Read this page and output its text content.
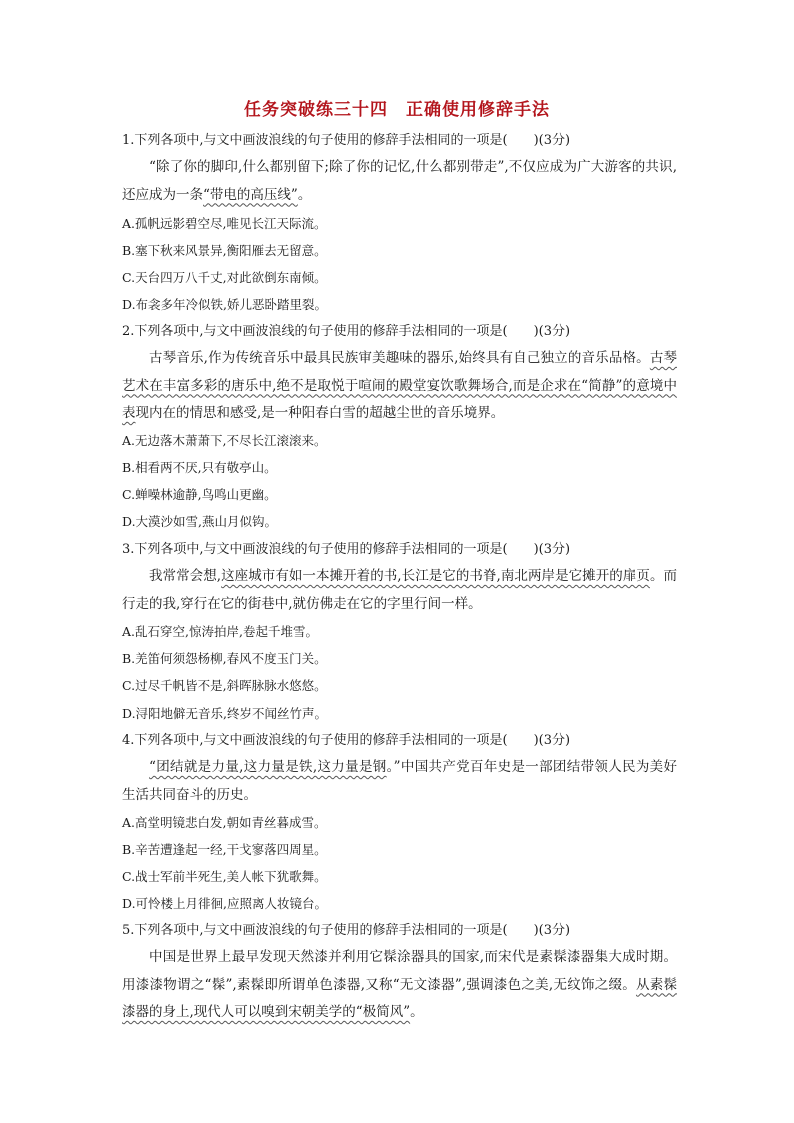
任务突破练三十四　正确使用修辞手法
1.下列各项中,与文中画波浪线的句子使用的修辞手法相同的一项是(　　)(3分)
“除了你的脚印,什么都别留下;除了你的记忆,什么都别带走”,不仅应成为广大游客的共识,还应成为一条“带电的高压线”。
A.孤帆远影碧空尽,唯见长江天际流。
B.塞下秋来风景异,衡阳雁去无留意。
C.天台四万八千丈,对此欲倒东南倾。
D.布衾多年冷似铁,娇儿恶卧踏里裂。
2.下列各项中,与文中画波浪线的句子使用的修辞手法相同的一项是(　　)(3分)
古琴音乐,作为传统音乐中最具民族审美趣味的器乐,始终具有自己独立的音乐品格。古琴艺术在丰富多彩的唐乐中,绝不是取悦于喧闹的殿堂宴饮歌舞场合,而是企求在“简静”的意境中表现内在的情思和感受,是一种阳春白雪的超越尘世的音乐境界。
A.无边落木萧萧下,不尽长江滚滚来。
B.相看两不厌,只有敬亭山。
C.蝉噪林逾静,鸟鸣山更幽。
D.大漠沙如雪,燕山月似钩。
3.下列各项中,与文中画波浪线的句子使用的修辞手法相同的一项是(　　)(3分)
我常常会想,这座城市有如一本摊开着的书,长江是它的书脊,南北两岸是它摊开的扉页。而行走的我,穿行在它的街巷中,就仿佛走在它的字里行间一样。
A.乱石穿空,惊涛拍岸,卷起千堆雪。
B.羌笛何须怨杨柳,春风不度玉门关。
C.过尽千帆皆不是,斜晖脉脉水悠悠。
D.浔阳地僻无音乐,终岁不闻丝竹声。
4.下列各项中,与文中画波浪线的句子使用的修辞手法相同的一项是(　　)(3分)
“团结就是力量,这力量是铁,这力量是钢。”中国共产党百年史是一部团结带领人民为美好生活共同奋斗的历史。
A.高堂明镜悲白发,朝如青丝暮成雪。
B.辛苦遭逢起一经,干戈寥落四周星。
C.战士军前半死生,美人帐下犹歌舞。
D.可怜楼上月徘徊,应照离人妆镜台。
5.下列各项中,与文中画波浪线的句子使用的修辞手法相同的一项是(　　)(3分)
中国是世界上最早发现天然漆并利用它髹涂器具的国家,而宋代是素髹漆器集大成时期。用漆漆物谓之“髹”,素髹即所谓单色漆器,又称“无文漆器”,强调漆色之美,无纹饰之缀。从素髹漆器的身上,现代人可以嗅到宋朝美学的“极简风”。
